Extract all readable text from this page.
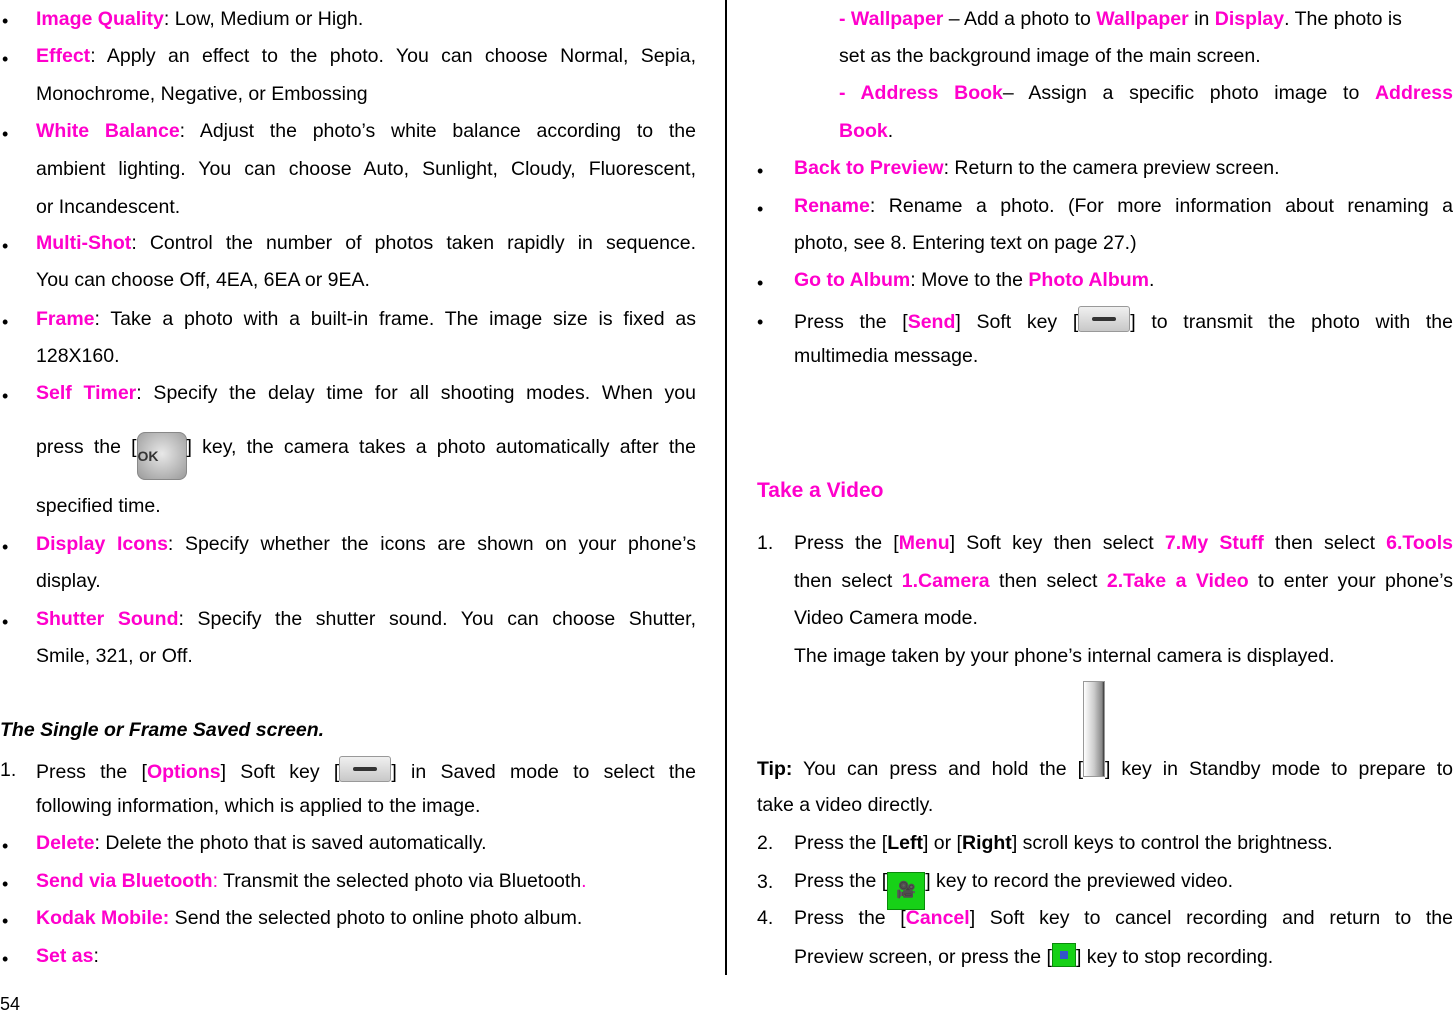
• Image Quality: Low, Medium or High.
• Effect: Apply an effect to the photo. You can choose Normal, Sepia,
Monochrome, Negative, or Embossing
• White Balance: Adjust the photo’s white balance according to the
ambient lighting. You can choose Auto, Sunlight, Cloudy, Fluorescent,
or Incandescent.
• Multi-Shot: Control the number of photos taken rapidly in sequence.
You can choose Off, 4EA, 6EA or 9EA.
• Frame: Take a photo with a built-in frame. The image size is fixed as
128X160.
• Self Timer: Specify the delay time for all shooting modes. When you
press the [OK ] key, the camera takes a photo automatically after the
specified time.
• Display Icons: Specify whether the icons are shown on your phone’s
display.
• Shutter Sound: Specify the shutter sound. You can choose Shutter,
Smile, 321, or Off.
The Single or Frame Saved screen.
1. Press the [Options] Soft key [	] in Saved mode to select the
following information, which is applied to the image.
• Delete: Delete the photo that is saved automatically.
• Send via Bluetooth: Transmit the selected photo via Bluetooth.
• Kodak Mobile: Send the selected photo to online photo album.
• Set as:
- Wallpaper – Add a photo to Wallpaper in Display. The photo is
set as the background image of the main screen.
- Address Book– Assign a specific photo image to Address
Book.
• Back to Preview: Return to the camera preview screen.
• Rename: Rename a photo. (For more information about renaming a
photo, see 8. Entering text on page 27.)
• Go to Album: Move to the Photo Album.
• Press the [Send] Soft key [	] to transmit the photo with the
multimedia message.
Take a Video
1. Press the [Menu] Soft key then select 7.My Stuff then select 6.Tools
then select 1.Camera then select 2.Take a Video to enter your phone’s
Video Camera mode.
The image taken by your phone’s internal camera is displayed.
Tip: You can press and hold the [ ] key in Standby mode to prepare to
take a video directly.
2. Press the [Left] or [Right] scroll keys to control the brightness.
3. Press the [ 🎥 ] key to record the previewed video.
4. Press the [Cancel] Soft key to cancel recording and return to the
Preview screen, or press the [ ] key to stop recording.
54
